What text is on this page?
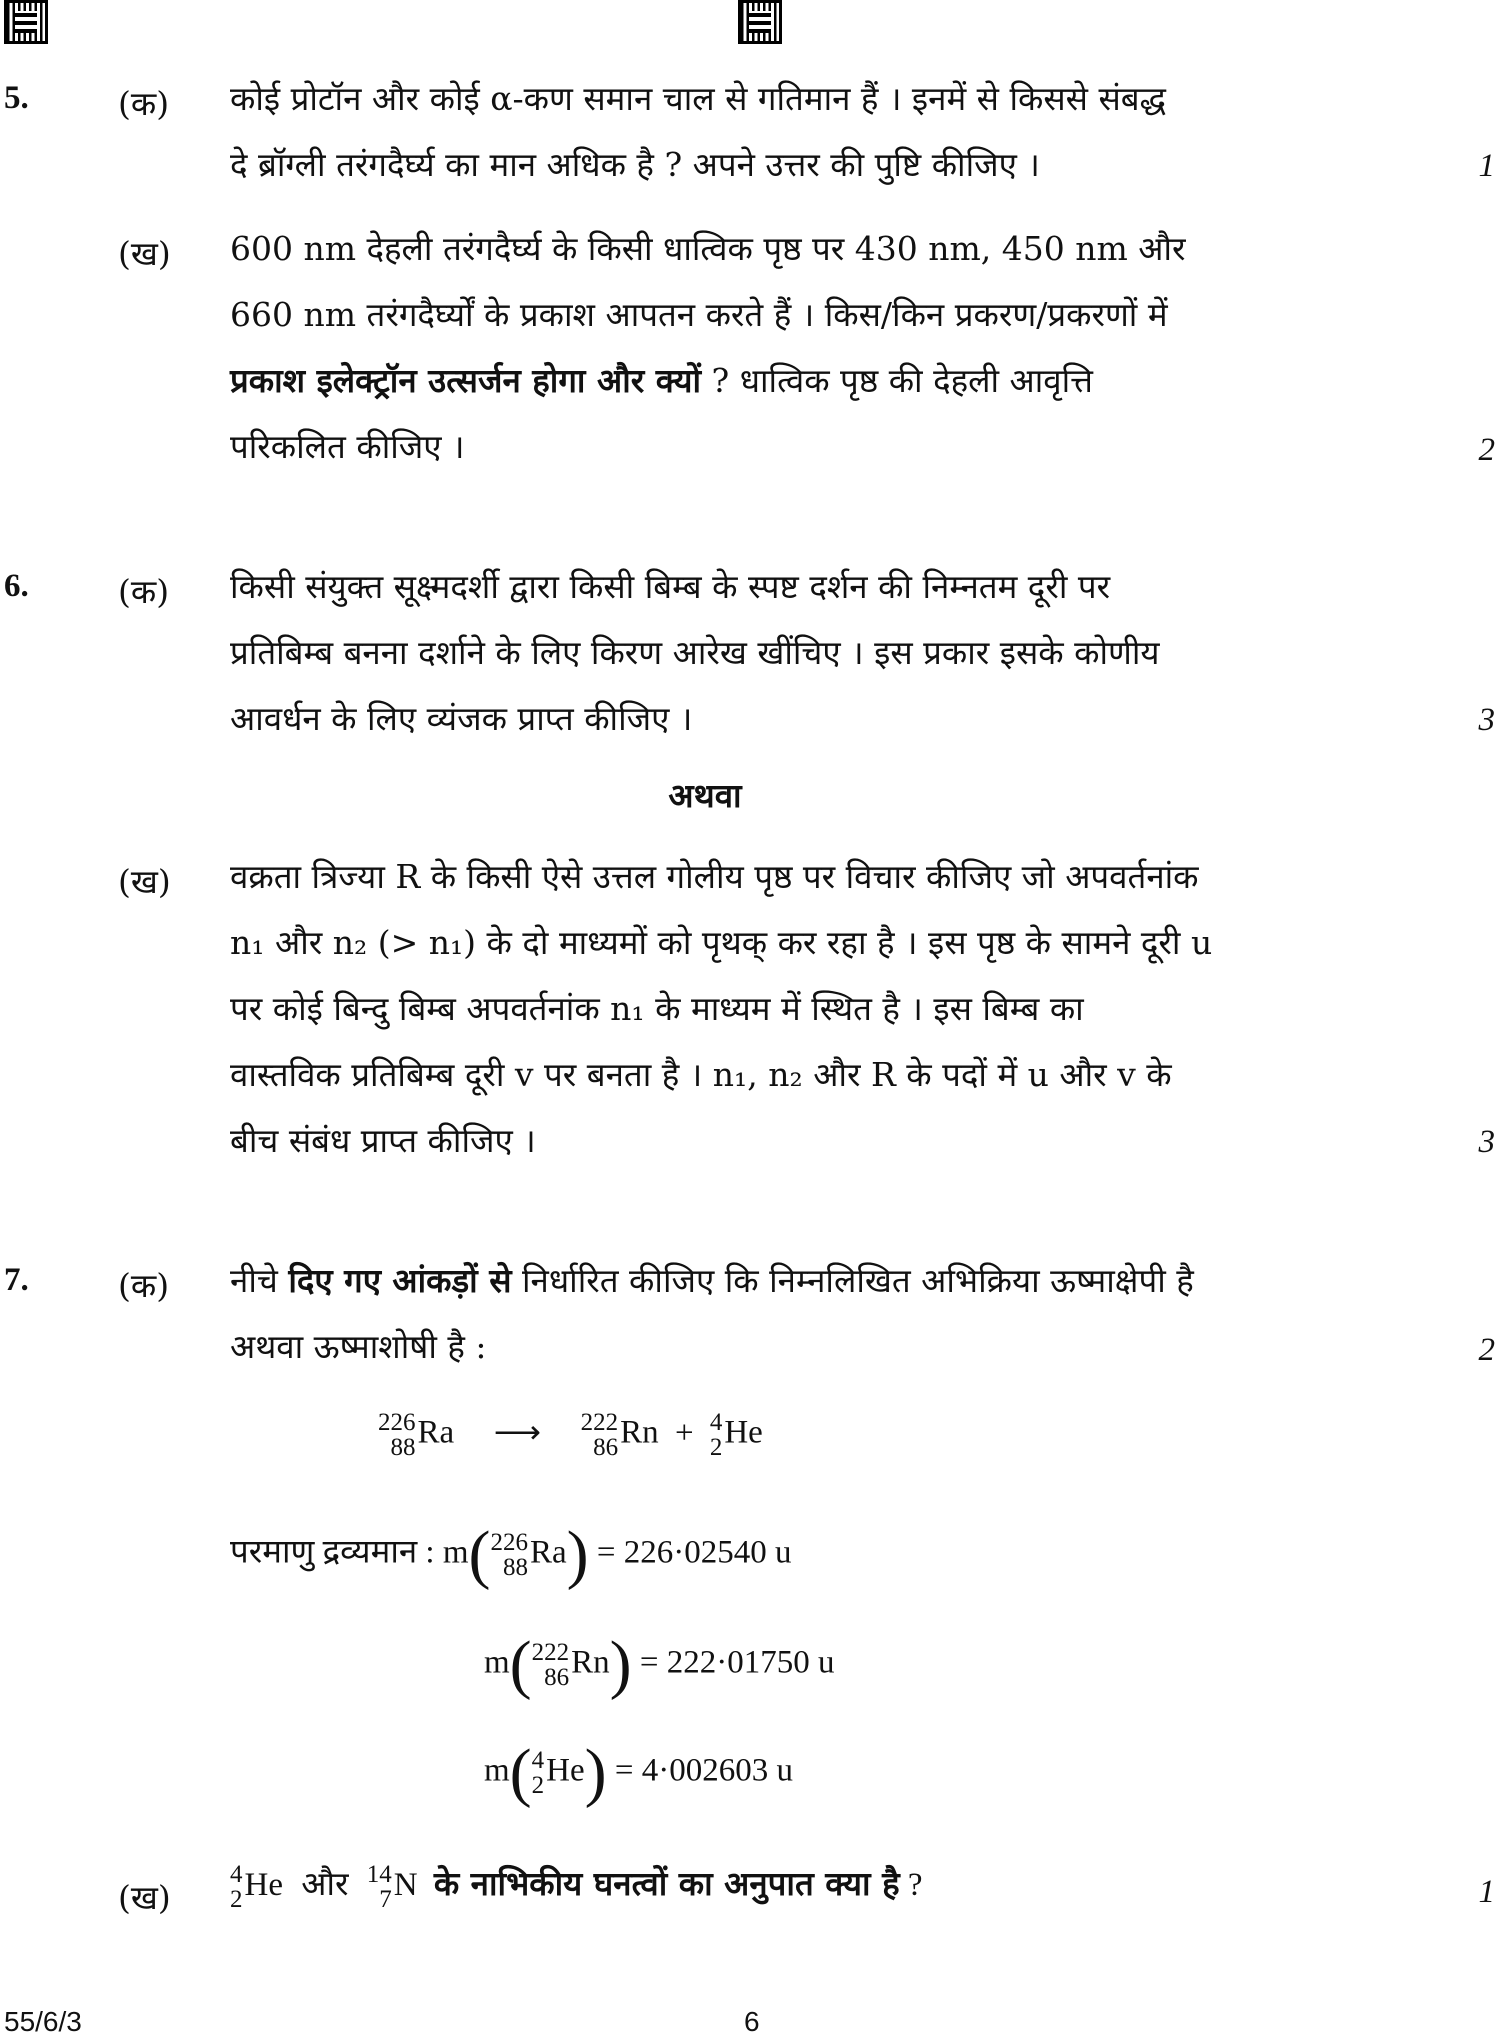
5.	(क) कोई प्रोटॉन और कोई α-कण समान चाल से गतिमान हैं । इनमें से किससे संबद्ध

दे ब्रॉग्ली तरंगदैर्घ्य का मान अधिक है ? अपने उत्तर की पुष्टि कीजिए ।	1
(ख) 600 nm देहली तरंगदैर्घ्य के किसी धात्विक पृष्ठ पर 430 nm, 450 nm और

660 nm तरंगदैर्घ्यों के प्रकाश आपतन करते हैं । किस/किन प्रकरण/प्रकरणों में

प्रकाश इलेक्ट्रॉन उत्सर्जन होगा और क्यों ? धात्विक पृष्ठ की देहली आवृत्ति

परिकलित कीजिए ।	2
6.	(क) किसी संयुक्त सूक्ष्मदर्शी द्वारा किसी बिम्ब के स्पष्ट दर्शन की निम्नतम दूरी पर

प्रतिबिम्ब बनना दर्शाने के लिए किरण आरेख खींचिए । इस प्रकार इसके कोणीय

आवर्धन के लिए व्यंजक प्राप्त कीजिए ।	3
अथवा
(ख) वक्रता त्रिज्या R के किसी ऐसे उत्तल गोलीय पृष्ठ पर विचार कीजिए जो अपवर्तनांक

n₁ और n₂ (> n₁) के दो माध्यमों को पृथक् कर रहा है । इस पृष्ठ के सामने दूरी u

पर कोई बिन्दु बिम्ब अपवर्तनांक n₁ के माध्यम में स्थित है । इस बिम्ब का

वास्तविक प्रतिबिम्ब दूरी v पर बनता है । n₁, n₂ और R के पदों में u और v के

बीच संबंध प्राप्त कीजिए ।	3
7.	(क) नीचे दिए गए आंकड़ों से निर्धारित कीजिए कि निम्नलिखित अभिक्रिया ऊष्माक्षेपी है

अथवा ऊष्माशोषी है :	2
226
88 Ra ⟶ 222
86 Rn + 4
2 He
परमाणु द्रव्यमान : m( 226
88 Ra) = 226·02540 u
m( 222
86 Rn) = 222·01750 u
m( 4
2 He) = 4·002603 u
(ख)
4
2 He और 14
7 N के नाभिकीय घनत्वों का अनुपात क्या है ?	1
55/6/3	6
